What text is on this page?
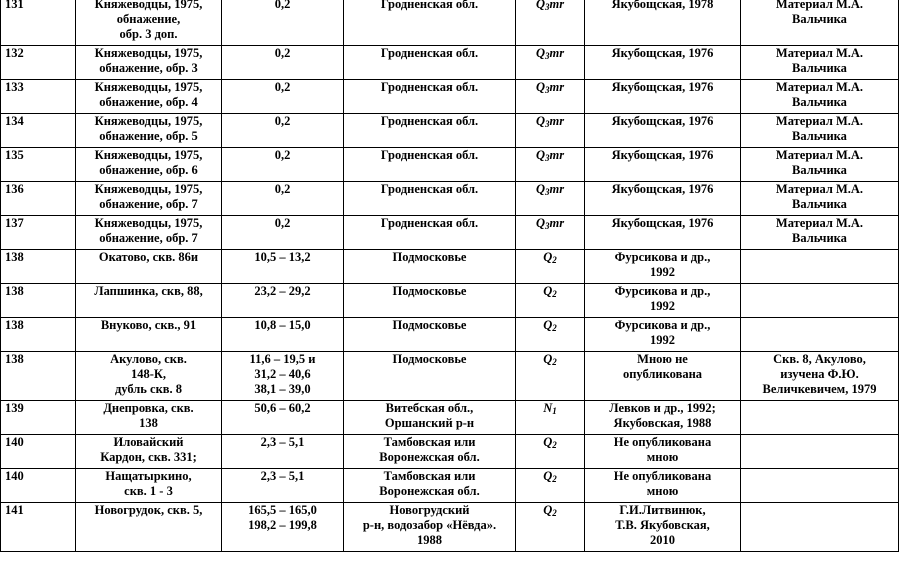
131	Княжеводцы, 1975,
обнажение,
обр. 3 доп.	0,2	Гродненская обл.	$Q_3mr$	Якубощская, 1978	Материал М.А.
Вальчика

132	Княжеводцы, 1975,
обнажение, обр. 3	0,2	Гродненская обл.	$Q_3mr$	Якубощская, 1976	Материал М.А.
Вальчика

133	Княжеводцы, 1975,
обнажение, обр. 4	0,2	Гродненская обл.	$Q_3mr$	Якубощская, 1976	Материал М.А.
Вальчика

134	Княжеводцы, 1975,
обнажение, обр. 5	0,2	Гродненская обл.	$Q_3mr$	Якубощская, 1976	Материал М.А.
Вальчика

135	Княжеводцы, 1975,
обнажение, обр. 6	0,2	Гродненская обл.	$Q_3mr$	Якубощская, 1976	Материал М.А.
Вальчика

136	Княжеводцы, 1975,
обнажение, обр. 7	0,2	Гродненская обл.	$Q_3mr$	Якубощская, 1976	Материал М.А.
Вальчика

137	Княжеводцы, 1975,
обнажение, обр. 7	0,2	Гродненская обл.	$Q_3mr$	Якубощская, 1976	Материал М.А.
Вальчика

138	Окатово, скв. 86и	10,5 – 13,2	Подмосковье	$Q_2$	Фурсикова и др.,
1992	

138	Лапшинка, скв, 88,	23,2 – 29,2	Подмосковье	$Q_2$	Фурсикова и др.,
1992	

138	Внуково, скв., 91	10,8 – 15,0	Подмосковье	$Q_2$	Фурсикова и др.,
1992	

138	Акулово, скв.
148-К,
дубль скв. 8	11,6 – 19,5 и
31,2 – 40,6
38,1 – 39,0	Подмосковье	$Q_2$	Мною не
опубликована	Скв. 8, Акулово,
изучена Ф.Ю.
Величкевичем, 1979

139	Днепровка, скв.
138	50,6 – 60,2	Витебская обл.,
Оршанский р-н	$N_1$	Левков и др., 1992;
Якубовская, 1988	

140	Иловайский
Кардон, скв. 331;	2,3 – 5,1	Тамбовская или
Воронежская обл.	$Q_2$	Не опубликована
мною	

140	Нащатыркино,
скв. 1 - 3	2,3 – 5,1	Тамбовская или
Воронежская обл.	$Q_2$	Не опубликована
мною	

141	Новогрудок, скв. 5,	165,5 – 165,0
198,2 – 199,8	Новогрудский
р-н, водозабор «Нёвда».
1988	$Q_2$	Г.И.Литвинюк,
Т.В. Якубовская,
2010	
